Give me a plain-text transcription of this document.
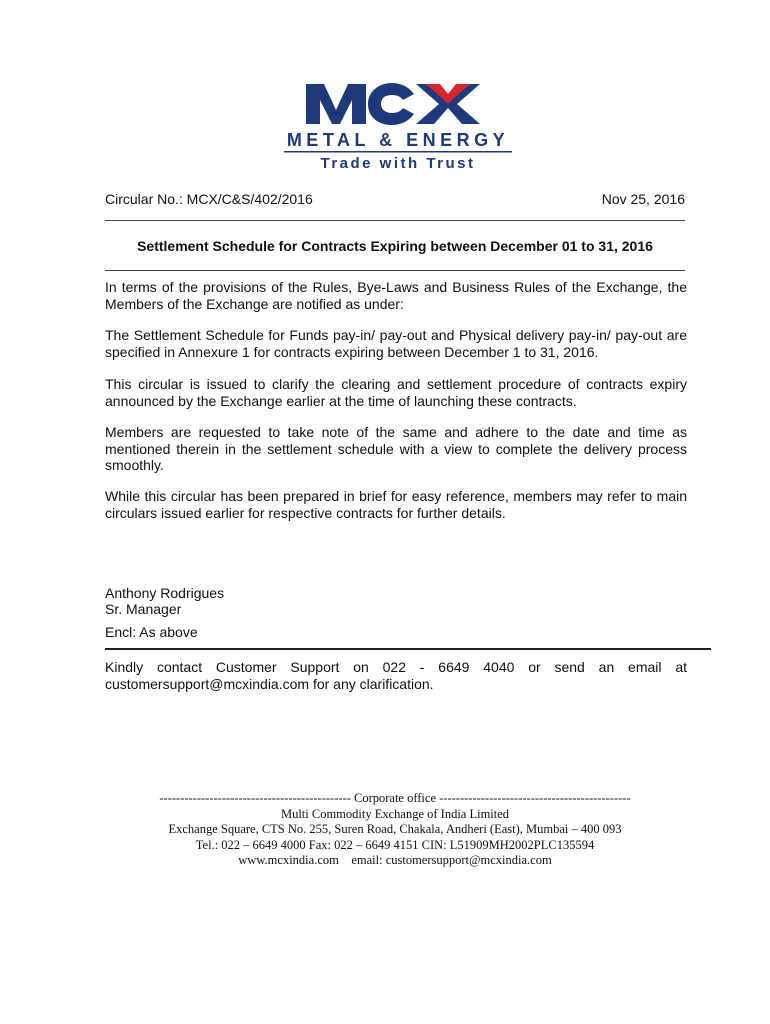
METAL & ENERGY
Trade with Trust
Circular No.: MCX/C&S/402/2016	Nov 25, 2016
Settlement Schedule for Contracts Expiring between December 01 to 31, 2016

In terms of the provisions of the Rules, Bye-Laws and Business Rules of the Exchange, the Members of the Exchange are notified as under:

The Settlement Schedule for Funds pay-in/ pay-out and Physical delivery pay-in/ pay-out are specified in Annexure 1 for contracts expiring between December 1 to 31, 2016.

This circular is issued to clarify the clearing and settlement procedure of contracts expiry announced by the Exchange earlier at the time of launching these contracts.

Members are requested to take note of the same and adhere to the date and time as mentioned therein in the settlement schedule with a view to complete the delivery process smoothly.

While this circular has been prepared in brief for easy reference, members may refer to main circulars issued earlier for respective contracts for further details.

Anthony Rodrigues
Sr. Manager
Encl: As above

Kindly contact Customer Support on 022 - 6649 4040 or send an email at customersupport@mcxindia.com for any clarification.

---------------------------------------------- Corporate office ----------------------------------------------
Multi Commodity Exchange of India Limited
Exchange Square, CTS No. 255, Suren Road, Chakala, Andheri (East), Mumbai – 400 093
Tel.: 022 – 6649 4000 Fax: 022 – 6649 4151 CIN: L51909MH2002PLC135594
www.mcxindia.com    email: customersupport@mcxindia.com
